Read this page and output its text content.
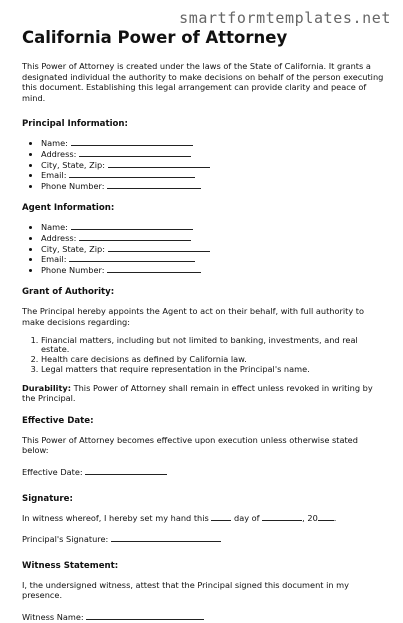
smartformtemplates.net
California Power of Attorney

This Power of Attorney is created under the laws of the State of California. It grants a designated individual the authority to make decisions on behalf of the person executing this document. Establishing this legal arrangement can provide clarity and peace of mind.

Principal Information:
• Name:
• Address:
• City, State, Zip:
• Email:
• Phone Number:
Agent Information:
• Name:
• Address:
• City, State, Zip:
• Email:
• Phone Number:
Grant of Authority:

The Principal hereby appoints the Agent to act on their behalf, with full authority to make decisions regarding:

1. Financial matters, including but not limited to banking, investments, and real estate.
2. Health care decisions as defined by California law.
3. Legal matters that require representation in the Principal's name.

Durability: This Power of Attorney shall remain in effect unless revoked in writing by the Principal.

Effective Date:

This Power of Attorney becomes effective upon execution unless otherwise stated below:

Effective Date:

Signature:

In witness whereof, I hereby set my hand this	day of	, 20 .

Principal's Signature:

Witness Statement:

I, the undersigned witness, attest that the Principal signed this document in my presence.

Witness Name:
